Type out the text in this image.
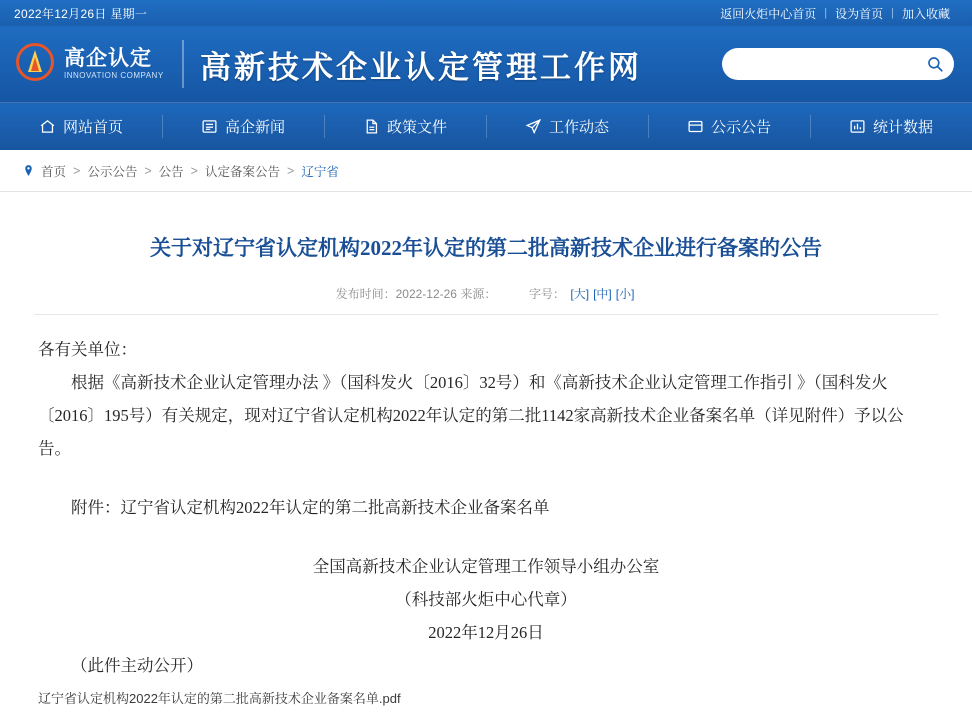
2022年12月26日 星期一	返回火炬中心首页 | 设为首页 | 加入收藏
高企认定
INNOVATION COMPANY 高新技术企业认定管理工作网
网站首页	高企新闻	政策文件	工作动态	公示公告	统计数据
首页 > 公示公告 > 公告 > 认定备案公告 > 辽宁省
关于对辽宁省认定机构2022年认定的第二批高新技术企业进行备案的公告
发布时间：2022-12-26 来源：	字号： [大] [中] [小]

各有关单位：

根据《高新技术企业认定管理办法 》（国科发火〔2016〕32号）和《高新技术企业认定管理工作指引 》（国科发火〔2016〕195号）有关规定，现对辽宁省认定机构2022年认定的第二批1142家高新技术企业备案名单（详见附件）予以公告。

附件：辽宁省认定机构2022年认定的第二批高新技术企业备案名单

全国高新技术企业认定管理工作领导小组办公室

（科技部火炬中心代章）

2022年12月26日

（此件主动公开）

辽宁省认定机构2022年认定的第二批高新技术企业备案名单.pdf
